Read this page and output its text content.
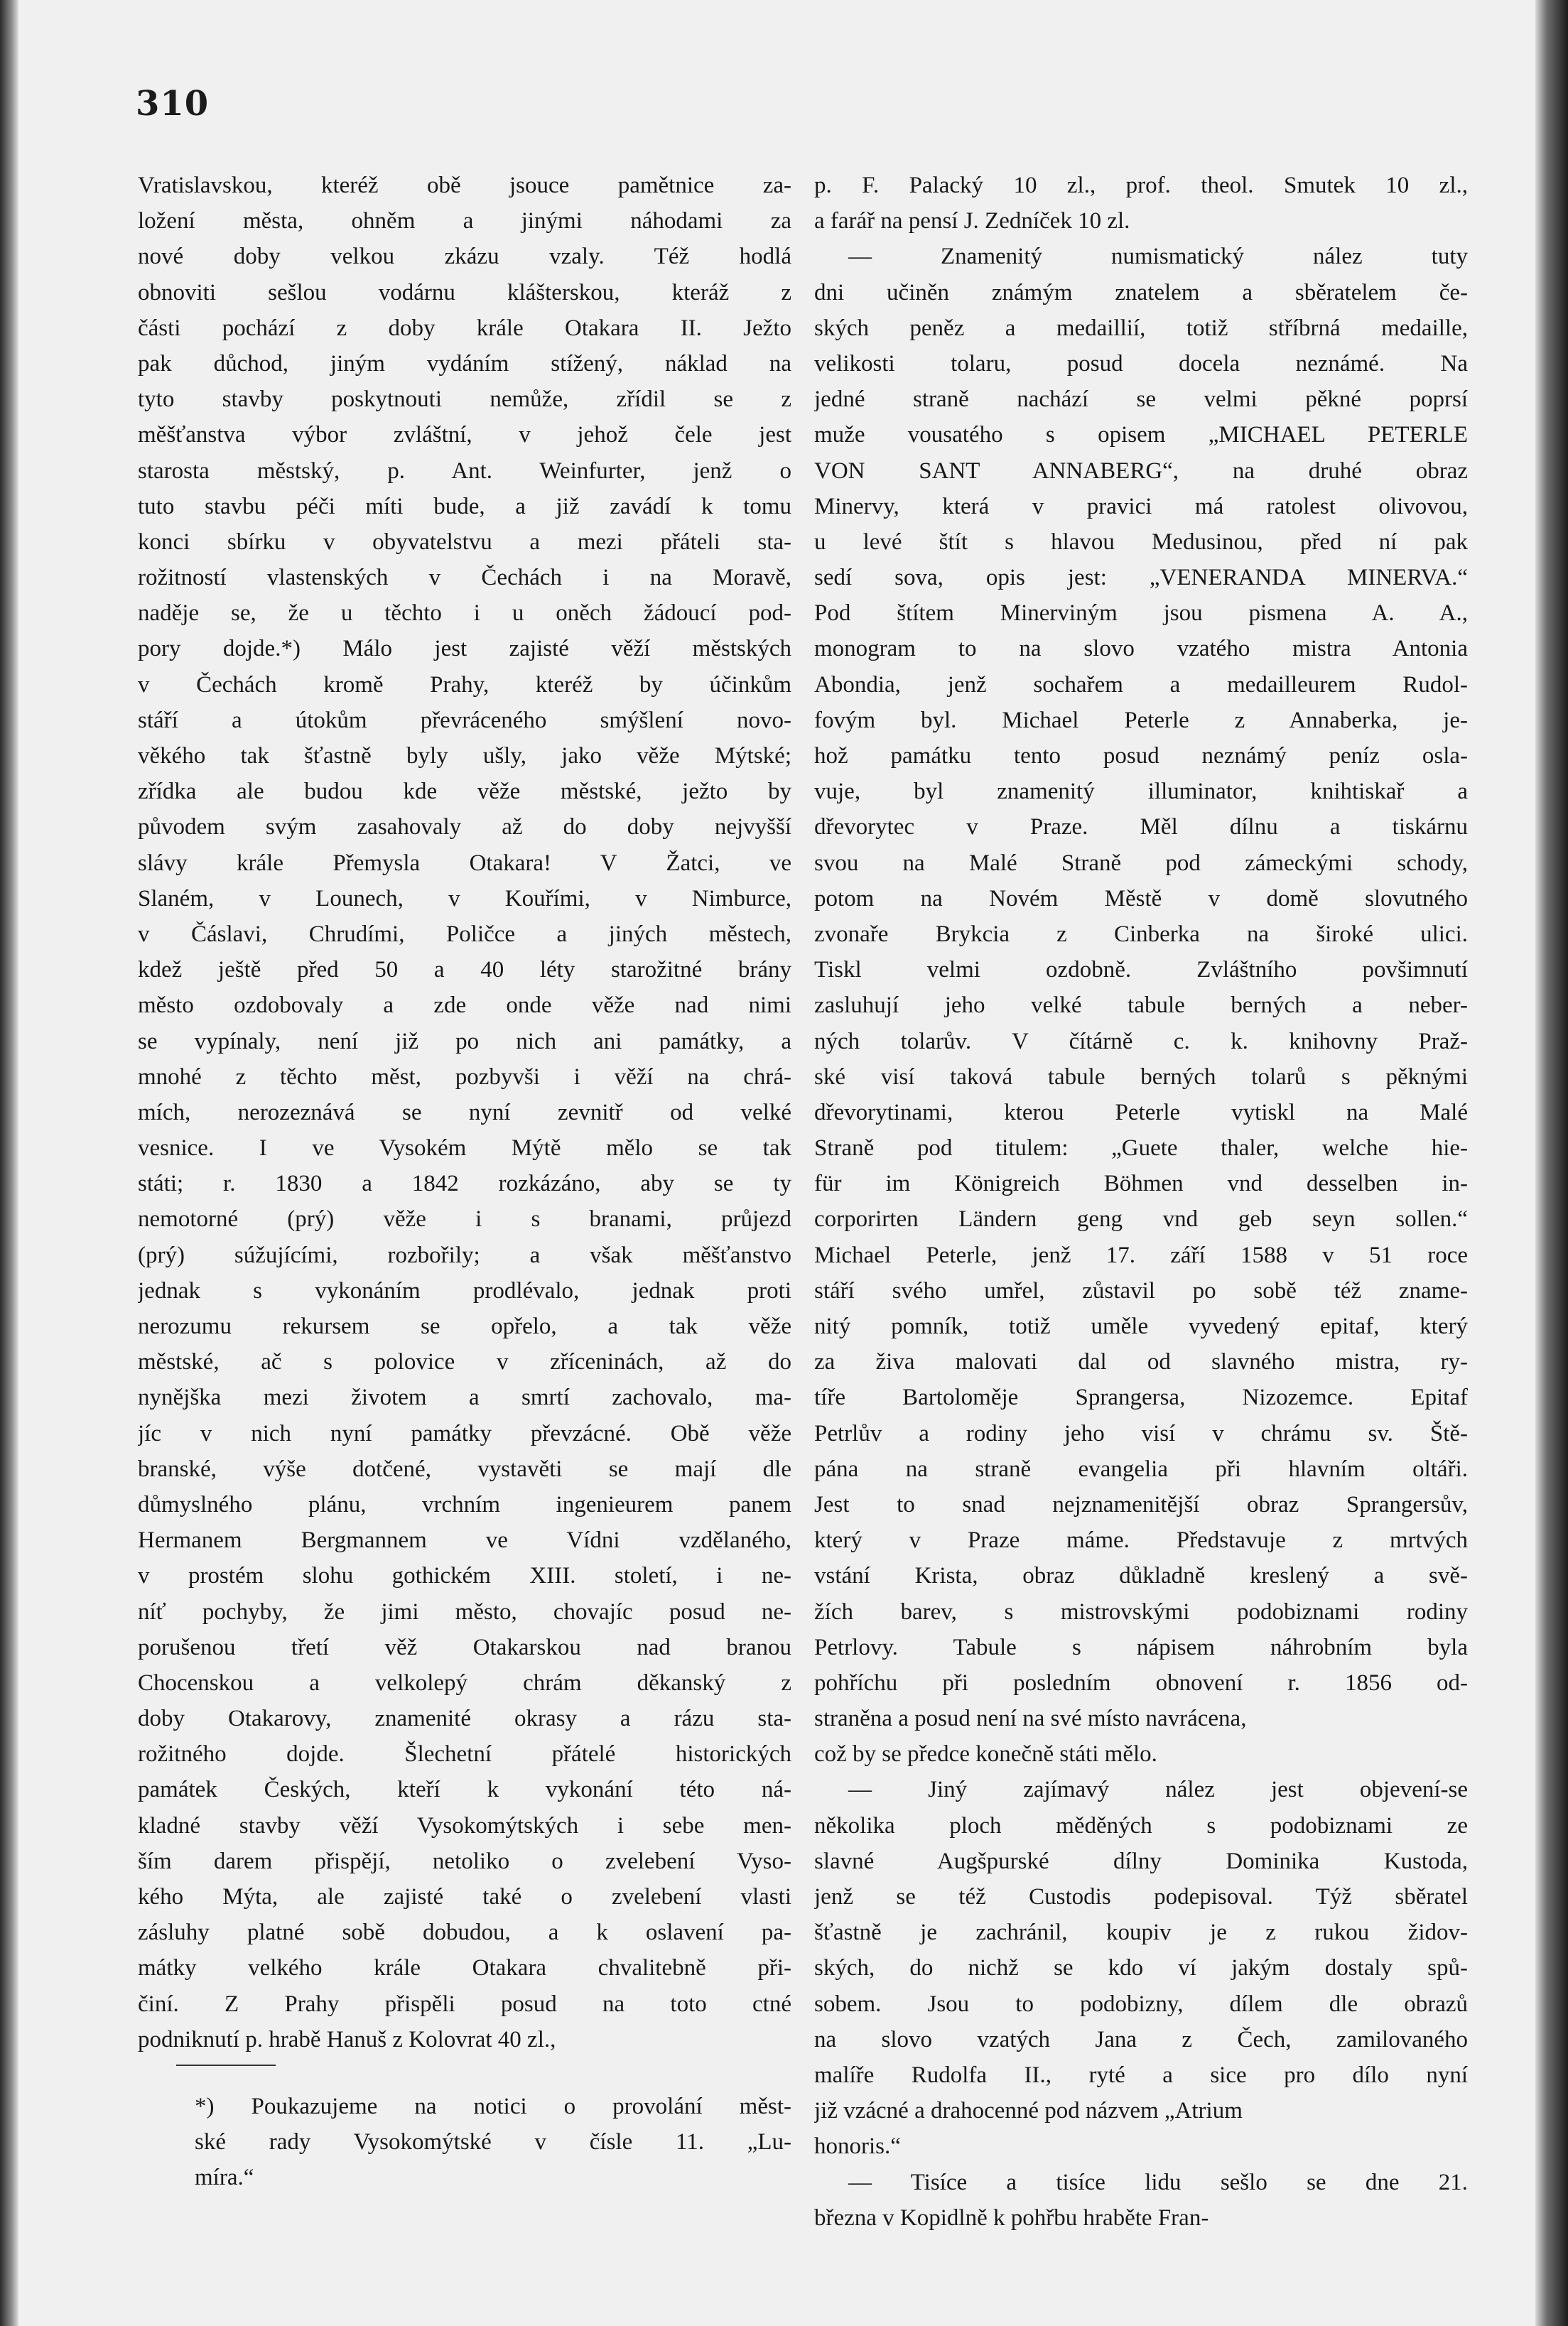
310
Vratislavskou, kteréž obě jsouce pamětnice za-
ložení města, ohněm a jinými náhodami za
nové doby velkou zkázu vzaly. Též hodlá
obnoviti sešlou vodárnu klášterskou, kteráž z
části pochází z doby krále Otakara II. Ježto
pak důchod, jiným vydáním stížený, náklad na
tyto stavby poskytnouti nemůže, zřídil se z
měšťanstva výbor zvláštní, v jehož čele jest
starosta městský, p. Ant. Weinfurter, jenž o
tuto stavbu péči míti bude, a již zavádí k tomu
konci sbírku v obyvatelstvu a mezi přáteli sta-
rožitností vlastenských v Čechách i na Moravě,
naděje se, že u těchto i u oněch žádoucí pod-
pory dojde.*) Málo jest zajisté věží městských
v Čechách kromě Prahy, kteréž by účinkům
stáří a útokům převráceného smýšlení novo-
věkého tak šťastně byly ušly, jako věže Mýtské;
zřídka ale budou kde věže městské, ježto by
původem svým zasahovaly až do doby nejvyšší
slávy krále Přemysla Otakara! V Žatci, ve
Slaném, v Lounech, v Kouřími, v Nimburce,
v Čáslavi, Chrudími, Poličce a jiných městech,
kdež ještě před 50 a 40 léty starožitné brány
město ozdobovaly a zde onde věže nad nimi
se vypínaly, není již po nich ani památky, a
mnohé z těchto měst, pozbyvši i věží na chrá-
mích, nerozeznává se nyní zevnitř od velké
vesnice. I ve Vysokém Mýtě mělo se tak
státi; r. 1830 a 1842 rozkázáno, aby se ty
nemotorné (prý) věže i s branami, průjezd
(prý) súžujícími, rozbořily; a však měšťanstvo
jednak s vykonáním prodlévalo, jednak proti
nerozumu rekursem se opřelo, a tak věže
městské, ač s polovice v zříceninách, až do
nynějška mezi životem a smrtí zachovalo, ma-
jíc v nich nyní památky převzácné. Obě věže
branské, výše dotčené, vystavěti se mají dle
důmyslného plánu, vrchním ingenieurem panem
Hermanem Bergmannem ve Vídni vzdělaného,
v prostém slohu gothickém XIII. století, i ne-
níť pochyby, že jimi město, chovajíc posud ne-
porušenou třetí věž Otakarskou nad branou
Chocenskou a velkolepý chrám děkanský z
doby Otakarovy, znamenité okrasy a rázu sta-
rožitného dojde. Šlechetní přátelé historických
památek Českých, kteří k vykonání této ná-
kladné stavby věží Vysokomýtských i sebe men-
ším darem přispějí, netoliko o zvelebení Vyso-
kého Mýta, ale zajisté také o zvelebení vlasti
zásluhy platné sobě dobudou, a k oslavení pa-
mátky velkého krále Otakara chvalitebně při-
činí. Z Prahy přispěli posud na toto ctné
podniknutí p. hrabě Hanuš z Kolovrat 40 zl.,
p. F. Palacký 10 zl., prof. theol. Smutek 10 zl.,
a farář na pensí J. Zedníček 10 zl.
— Znamenitý numismatický nález tuty
dni učiněn známým znatelem a sběratelem če-
ských peněz a medaillií, totiž stříbrná medaille,
velikosti tolaru, posud docela neznámé. Na
jedné straně nachází se velmi pěkné poprsí
muže vousatého s opisem „MICHAEL PETERLE
VON SANT ANNABERG“, na druhé obraz
Minervy, která v pravici má ratolest olivovou,
u levé štít s hlavou Medusinou, před ní pak
sedí sova, opis jest: „VENERANDA MINERVA.“
Pod štítem Minerviným jsou pismena A. A.,
monogram to na slovo vzatého mistra Antonia
Abondia, jenž sochařem a medailleurem Rudol-
fovým byl. Michael Peterle z Annaberka, je-
hož památku tento posud neznámý peníz osla-
vuje, byl znamenitý illuminator, knihtiskař a
dřevorytec v Praze. Měl dílnu a tiskárnu
svou na Malé Straně pod zámeckými schody,
potom na Novém Městě v domě slovutného
zvonaře Brykcia z Cinberka na široké ulici.
Tiskl velmi ozdobně. Zvláštního povšimnutí
zasluhují jeho velké tabule berných a neber-
ných tolarův. V čítárně c. k. knihovny Praž-
ské visí taková tabule berných tolarů s pěknými
dřevorytinami, kterou Peterle vytiskl na Malé
Straně pod titulem: „Guete thaler, welche hie-
für im Königreich Böhmen vnd desselben in-
corporirten Ländern geng vnd geb seyn sollen.“
Michael Peterle, jenž 17. září 1588 v 51 roce
stáří svého umřel, zůstavil po sobě též zname-
nitý pomník, totiž uměle vyvedený epitaf, který
za živa malovati dal od slavného mistra, ry-
tíře Bartoloměje Sprangersa, Nizozemce. Epitaf
Petrlův a rodiny jeho visí v chrámu sv. Ště-
pána na straně evangelia při hlavním oltáři.
Jest to snad nejznamenitější obraz Sprangersův,
který v Praze máme. Představuje z mrtvých
vstání Krista, obraz důkladně kreslený a svě-
žích barev, s mistrovskými podobiznami rodiny
Petrlovy. Tabule s nápisem náhrobním byla
pohříchu při posledním obnovení r. 1856 od-
straněna a posud není na své místo navrácena,
což by se předce konečně státi mělo.
— Jiný zajímavý nález jest objevení-se
několika ploch měděných s podobiznami ze
slavné Augšpurské dílny Dominika Kustoda,
jenž se též Custodis podepisoval. Týž sběratel
šťastně je zachránil, koupiv je z rukou židov-
ských, do nichž se kdo ví jakým dostaly spů-
sobem. Jsou to podobizny, dílem dle obrazů
na slovo vzatých Jana z Čech, zamilovaného
malíře Rudolfa II., ryté a sice pro dílo nyní
již vzácné a drahocenné pod názvem „Atrium
honoris.“
— Tisíce a tisíce lidu sešlo se dne 21.
března v Kopidlně k pohřbu hraběte Fran-
*) Poukazujeme na notici o provolání měst-
ské rady Vysokomýtské v čísle 11. „Lu-
míra.“
